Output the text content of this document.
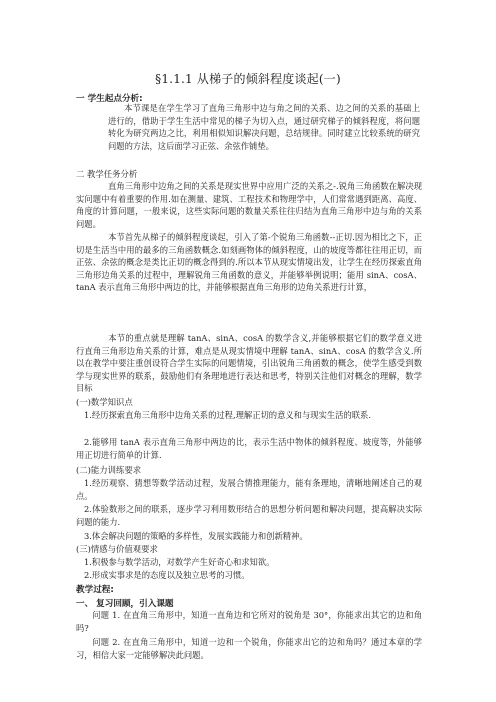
§1.1.1 从梯子的倾斜程度谈起(一)
一 学生起点分析:

本节课是在学生学习了直角三角形中边与角之间的关系、边之间的关系的基础上进行的，借助于学生生活中常见的梯子为切入点，通过研究梯子的倾斜程度，将问题转化为研究两边之比，利用相似知识解决问题，总结规律。同时建立比较系统的研究问题的方法，这后面学习正弦、余弦作铺垫。

二 教学任务分析

直角三角形中边角之间的关系是现实世界中应用广泛的关系之-.锐角三角函数在解决现实问题中有着重要的作用.如在测量、建筑、工程技术和物理学中，人们常常遇到距离、高度、角度的计算问题，一般来说，这些实际问题的数量关系往往归结为直角三角形中边与角的关系问题。

本节首先从梯子的倾斜程度谈起，引入了第-个锐角三角函数--正切.因为相比之下，正切是生活当中用的最多的三角函数概念.如刻画物体的倾斜程度，山的坡度等都往往用正切，而正弦、余弦的概念是类比正切的概念得到的.所以本节从现实情境出发，让学生在经历探索直角三角形边角关系的过程中，理解锐角三角函数的意义，并能够举例说明；能用 sinA、cosA、tanA 表示直角三角形中两边的比，并能够根据直角三角形的边角关系进行计算，

本节的重点就是理解 tanA、sinA、cosA 的数学含义,并能够根据它们的数学意义进行直角三角形边角关系的计算，难点是从现实情境中理解 tanA、sinA、cosA 的数学含义.所以在教学中要注重创设符合学生实际的问题情境，引出锐角三角函数的概念，使学生感受到数学与现实世界的联系，鼓励他们有条理地进行表达和思考，特别关注他们对概念的理解，数学目标

(一)数学知识点

1.经历探索直角三角形中边角关系的过程,理解正切的意义和与现实生活的联系.

2.能够用 tanA 表示直角三角形中两边的比，表示生活中物体的倾斜程度、坡度等，外能够用正切进行简单的计算.

(二)能力训练要求

1.经历观察、猜想等数学活动过程，发展合情推理能力，能有条理地，清晰地阐述自己的观点。

2.体验数形之间的联系，逐步学习利用数形结合的思想分析问题和解决问题，提高解决实际问题的能力.

3.体会解决问题的策略的多样性，发展实践能力和创新精神。
(三)情感与价值观要求
1.积极参与数学活动，对数学产生好奇心和求知欲。
2.形成实事求是的态度以及独立思考的习惯。
教学过程:
一、 复习回顾，引入课题

问题 1. 在直角三角形中，知道一直角边和它所对的锐角是 30°，你能求出其它的边和角吗?

问题 2. 在直角三角形中，知道一边和一个锐角，你能求出它的边和角吗？通过本章的学习，相信大家一定能够解决此问题。
